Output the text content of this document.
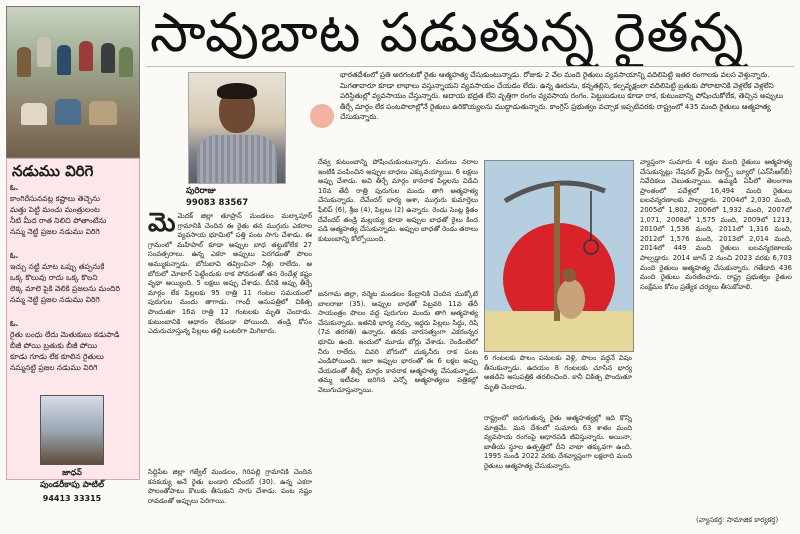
సావుబాట పడుతున్న రైతన్న
నడుము విరిగె
ఓ.
కాంగిరేసునవట్ల కష్టాలు తెచ్చెను
మత్తు పెట్టి మంచు మంత్రులంట
నీటి మీద రాత నిలిచి పోతాంటేను
నమ్మ నెట్టి ప్రజల నడుము విరిగె
ఓ.
ఇచ్చు నట్టి మాట ఒప్పు తప్పనుకే
ఒక్క కొలువు రాదు ఒక్క కొలని
లెక్క మాలె పైకి వెలికి ప్రజలను మందిరి
నమ్మ నెట్టి ప్రజల నడుము విరిగె
ఓ.
రైతు బంధు లేదు మెతుకుబు కడుపాడి
బీజీ పోయి బ్రతుకు బీజీ పోయి
కూడు గూడు లేక కూలిన రైతులు
నమ్మనట్టి ప్రజల నడుము విరిగె
జాధవ్
పుండరీకాపు పాటిల్
94413 33315
పురిరాజు
99083 83567
భారతదేశంలో ప్రతి అరగంటకో రైతు ఆత్మహత్య చేసుకుంటున్నాడు. రోజుకు 2 వేల మంది రైతులు వ్యవసాయాన్ని వదిలిపెట్టి ఇతర రంగాలకు వలస వెళ్తున్నారు. మిగతావారూ కూడా లాభాలు వస్తున్నాయని వ్యవసాయం చేయడం లేదు. ఉన్న ఊరును, కన్నతల్లిని, కల్పవృక్షంలా వదిలిపెట్టి బ్రతుకు పోరాటానికి వెళ్లలేక వెళ్లలేని పరిస్థితుల్లో వ్యవసాయం చేస్తున్నారు. అదాయ భద్రత లేని వృత్తిగా రంగం వ్యవసాయ రంగం. పెట్టుబడులు కూడా రాక, కుటుంబాన్ని పోషించుకోలేక, తెచ్చిన అప్పులు తీర్చే మార్గం లేక పంటపొలాల్లోనే రైతులు ఉరికొయ్యలను ముద్దాడుతున్నారు. కాంగ్రెస్ ప్రభుత్వం వచ్చాక ఇప్పటివరకు రాష్ట్రంలో 435 మంది రైతులు ఆత్మహత్య చేసుకున్నారు.
మెమెదక్ జిల్లా తూప్రాన్ మండలం మల్కాపూర్ గ్రామానికి చెందిన ఈ రైతు తన ముగ్గురు ఎకరాల వ్యవసాయ భూమిలో పత్తి పంట సాగు చేశాడు. ఈ గ్రామంలో మహిపాల్ కూడా అప్పుల బాధ తట్టుకోలేక 27 సంవత్సరాలు. ఉన్న ఎకరా అప్పులు పెరగడంతో పొలం అమ్ముకున్నాడు. బోరుబావి తవ్వించినా నీళ్లు రాలేదు. ఆ బోరులో మోటార్ పెట్టేందుకు రాక పోవడంతో తన రెండేళ్ల కష్టం వృథా అయ్యింది. 5 లక్షలు అప్పు చేశాడు. దీనికి అప్పు తీర్చే మార్గం లేక పిల్లలకు 95 రాత్రి 11 గంటల సమయంలో పురుగుల మందు తాగాడు. గాంధీ ఆసుపత్రిలో చికిత్స పొందుతూ 16వ రాత్రి 12 గంటలకు మృతి చెందాడు. కుటుంబానికి ఆధారం లేకుండా పోయింది. తండ్రి కోసం ఎదురుచూస్తున్న పిల్లలు తల్లి ఒంటరిగా మిగిలారు.
సిద్దిపేట జిల్లా గజ్వేల్ మండలం, గిరిపల్లి గ్రామానికి చెందిన కనకయ్య అనే రైతు బండారి రవీందర్ (30). ఉన్న ఎకరా పొలంతోపాటు కౌలుకు తీసుకుని సాగు చేశాడు. పంట నష్టం రావడంతో అప్పులు పెరిగాయి.
దేవ్వ కుటుంబాన్ని పోషించుకుంటున్నారు. మరులు నరాల ఇంటికి పంపించిన అప్పుల బాధలు ఎక్కువయ్యాయి. 6 లక్షలు అప్పు చేశాడు. అవి తీర్చే మార్గం కానరాక పిల్లలను విడిచి 10వ తేదీ రాత్రి పురుగుల మందు తాగి ఆత్మహత్య చేసుకున్నాడు. దేవేందర్ భార్య ఆశా, ముగ్గురు కుమార్తెలు ఫీలిప్ (6), శ్రీజ (4), పిల్లలు (2) ఉన్నారు. రెండు సెంట్ల క్రితం దేవేందర్ తండ్రి మల్లయ్య కూడా అప్పుల బాధతో రైలు కింద పడి ఆత్మహత్య చేసుకున్నాడు. అప్పుల బాధతో రెండు తరాలు కుటుంబాన్ని కోల్పోయింది.
జనగామ జిల్లా, నర్మెట మండలం కేంద్రానికి చెందిన ముక్కోటి బాలరాజు (35). అప్పుల బాధతో పిబ్రవరి 11వ తేదీ సాయంత్రం పొలం వద్ద పురుగుల మందు తాగి ఆత్మహత్య చేసుకున్నాడు. ఇతనికి భార్య నర్సు, ఇద్దరు పిల్లలు సిద్దు, రిషి (7వ తరగతి) ఉన్నారు. తనకు వారసత్వంగా ఎకరంన్నర భూమి ఉంది. ఇందులో మూడు బోర్లు వేశాడు. రెండింటిలో నీరు రాలేదు. చివరి బోరులో చుక్కనీరు రాక పంట ఎండిపోయింది. ఇలా అప్పుల భారంతో ఈ 6 లక్షల అప్పు చేయడంతో తీర్చే మార్గం కానరాక ఆత్మహత్య చేసుకున్నాడు. తమ్మ ఇటీవల జరిగిన ఎన్నో ఆత్మహత్యలు పత్రికల్లో వెలుగుచూస్తున్నాయి.
6 గంటలకు పొలం పనులకు వెళ్లి, పొలం వద్దనే విషం తీసుకున్నాడు. ఉదయం 8 గంటలకు చూసిన భార్య అతడిని ఆసుపత్రికి తరలించింది. కానీ చికిత్స పొందుతూ మృతి చెందాడు.
రాష్ట్రంలో జరుగుతున్న రైతు ఆత్మహత్యల్లో ఇది కొన్ని మాత్రమే. మన దేశంలో సుమారు 63 శాతం మంది వ్యవసాయ రంగంపై ఆధారపడి జీవిస్తున్నారు. అయినా, జాతీయ స్థూల ఉత్పత్తిలో దీని వాటా తక్కువగా ఉంది. 1995 నుండి 2022 వరకు దేశవ్యాప్తంగా లక్షలాది మంది రైతులు ఆత్మహత్య చేసుకున్నారు.
వ్యాప్తంగా సుమారు 4 లక్షల మంది రైతులు ఆత్మహత్య చేసుకున్నట్లు నేషనల్ క్రైమ్ రికార్డ్స్ బ్యూరో (ఎన్‌సీఆర్‌బీ) నివేదికలు చెబుతున్నాయి. ఉమ్మడి ఏపీలో తెలంగాణ ప్రాంతంలో పదేళ్లలో 16,494 మంది రైతులు బలవన్మరణాలకు పాల్పడ్డారు. 2004లో 2,030 మంది, 2005లో 1,802, 2006లో 1,932 మంది, 2007లో 1,071, 2008లో 1,575 మంది, 2009లో 1213, 2010లో 1,536 మంది, 2011లో 1,316 మంది, 2012లో 1,576 మంది, 2013లో 2,014 మంది, 2014లో 449 మంది రైతులు బలవన్మరణాలకు పాల్పడ్డారు. 2014 జూన్ 2 నుంచి 2023 వరకు 6,703 మంది రైతులు ఆత్మహత్య చేసుకున్నారు. గతేడాది 436 మంది రైతులు మరణించారు. రాష్ట్ర ప్రభుత్వం రైతుల సంక్షేమం కోసం ప్రత్యేక చర్యలు తీసుకోవాలి.
(వ్యాసకర్త: సామాజిక కార్యకర్త)
